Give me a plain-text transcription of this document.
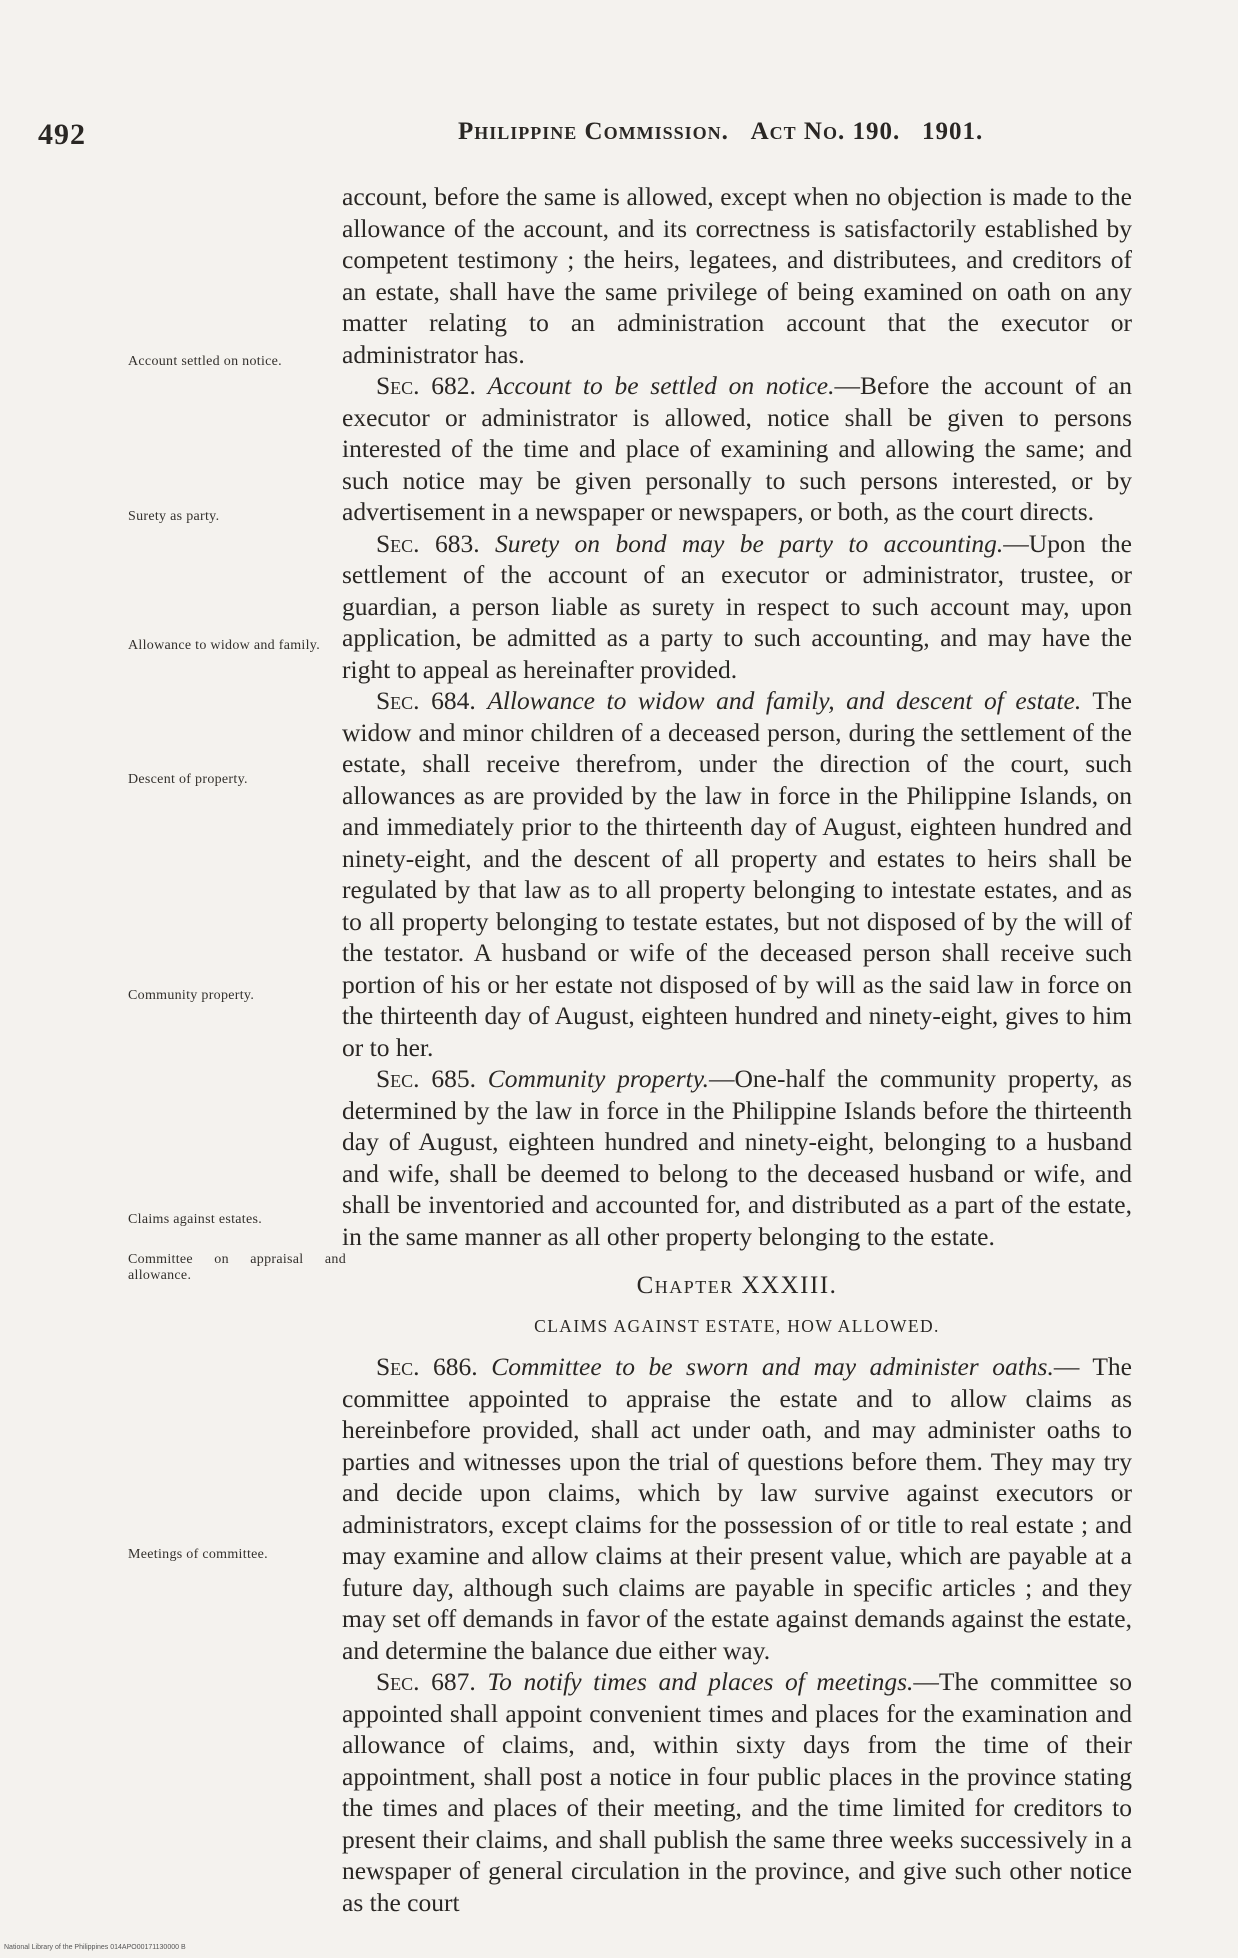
492	Philippine Commission. Act No. 190. 1901.

account, before the same is allowed, except when no objection is made to the allowance of the account, and its correctness is satisfactorily established by competent testimony ; the heirs, legatees, and distributees, and creditors of an estate, shall have the same privilege of being examined on oath on any matter relating to an administration account that the executor or administrator has.

Sec. 682. Account to be settled on notice.—Before the account of an executor or administrator is allowed, notice shall be given to persons interested of the time and place of examining and allowing the same; and such notice may be given personally to such persons interested, or by advertisement in a newspaper or newspapers, or both, as the court directs.

Sec. 683. Surety on bond may be party to accounting.—Upon the settlement of the account of an executor or administrator, trustee, or guardian, a person liable as surety in respect to such account may, upon application, be admitted as a party to such accounting, and may have the right to appeal as hereinafter provided.

Sec. 684. Allowance to widow and family, and descent of estate. The widow and minor children of a deceased person, during the settlement of the estate, shall receive therefrom, under the direction of the court, such allowances as are provided by the law in force in the Philippine Islands, on and immediately prior to the thirteenth day of August, eighteen hundred and ninety-eight, and the descent of all property and estates to heirs shall be regulated by that law as to all property belonging to intestate estates, and as to all property belonging to testate estates, but not disposed of by the will of the testator. A husband or wife of the deceased person shall receive such portion of his or her estate not disposed of by will as the said law in force on the thirteenth day of August, eighteen hundred and ninety-eight, gives to him or to her.

Sec. 685. Community property.—One-half the community property, as determined by the law in force in the Philippine Islands before the thirteenth day of August, eighteen hundred and ninety-eight, belonging to a husband and wife, shall be deemed to belong to the deceased husband or wife, and shall be inventoried and accounted for, and distributed as a part of the estate, in the same manner as all other property belonging to the estate.

Chapter XXXIII.
CLAIMS AGAINST ESTATE, HOW ALLOWED.

Sec. 686. Committee to be sworn and may administer oaths.— The committee appointed to appraise the estate and to allow claims as hereinbefore provided, shall act under oath, and may administer oaths to parties and witnesses upon the trial of questions before them. They may try and decide upon claims, which by law survive against executors or administrators, except claims for the possession of or title to real estate ; and may examine and allow claims at their present value, which are payable at a future day, although such claims are payable in specific articles ; and they may set off demands in favor of the estate against demands against the estate, and determine the balance due either way.

Sec. 687. To notify times and places of meetings.—The committee so appointed shall appoint convenient times and places for the examination and allowance of claims, and, within sixty days from the time of their appointment, shall post a notice in four public places in the province stating the times and places of their meeting, and the time limited for creditors to present their claims, and shall publish the same three weeks successively in a newspaper of general circulation in the province, and give such other notice as the court

Account settled on notice.
Surety as party.
Allowance to widow and family.
Descent of property.
Community property.
Claims against estates.
Committee on appraisal and allowance.
Meetings of committee.
National Library of the Philippines 014APO00171130000 B
